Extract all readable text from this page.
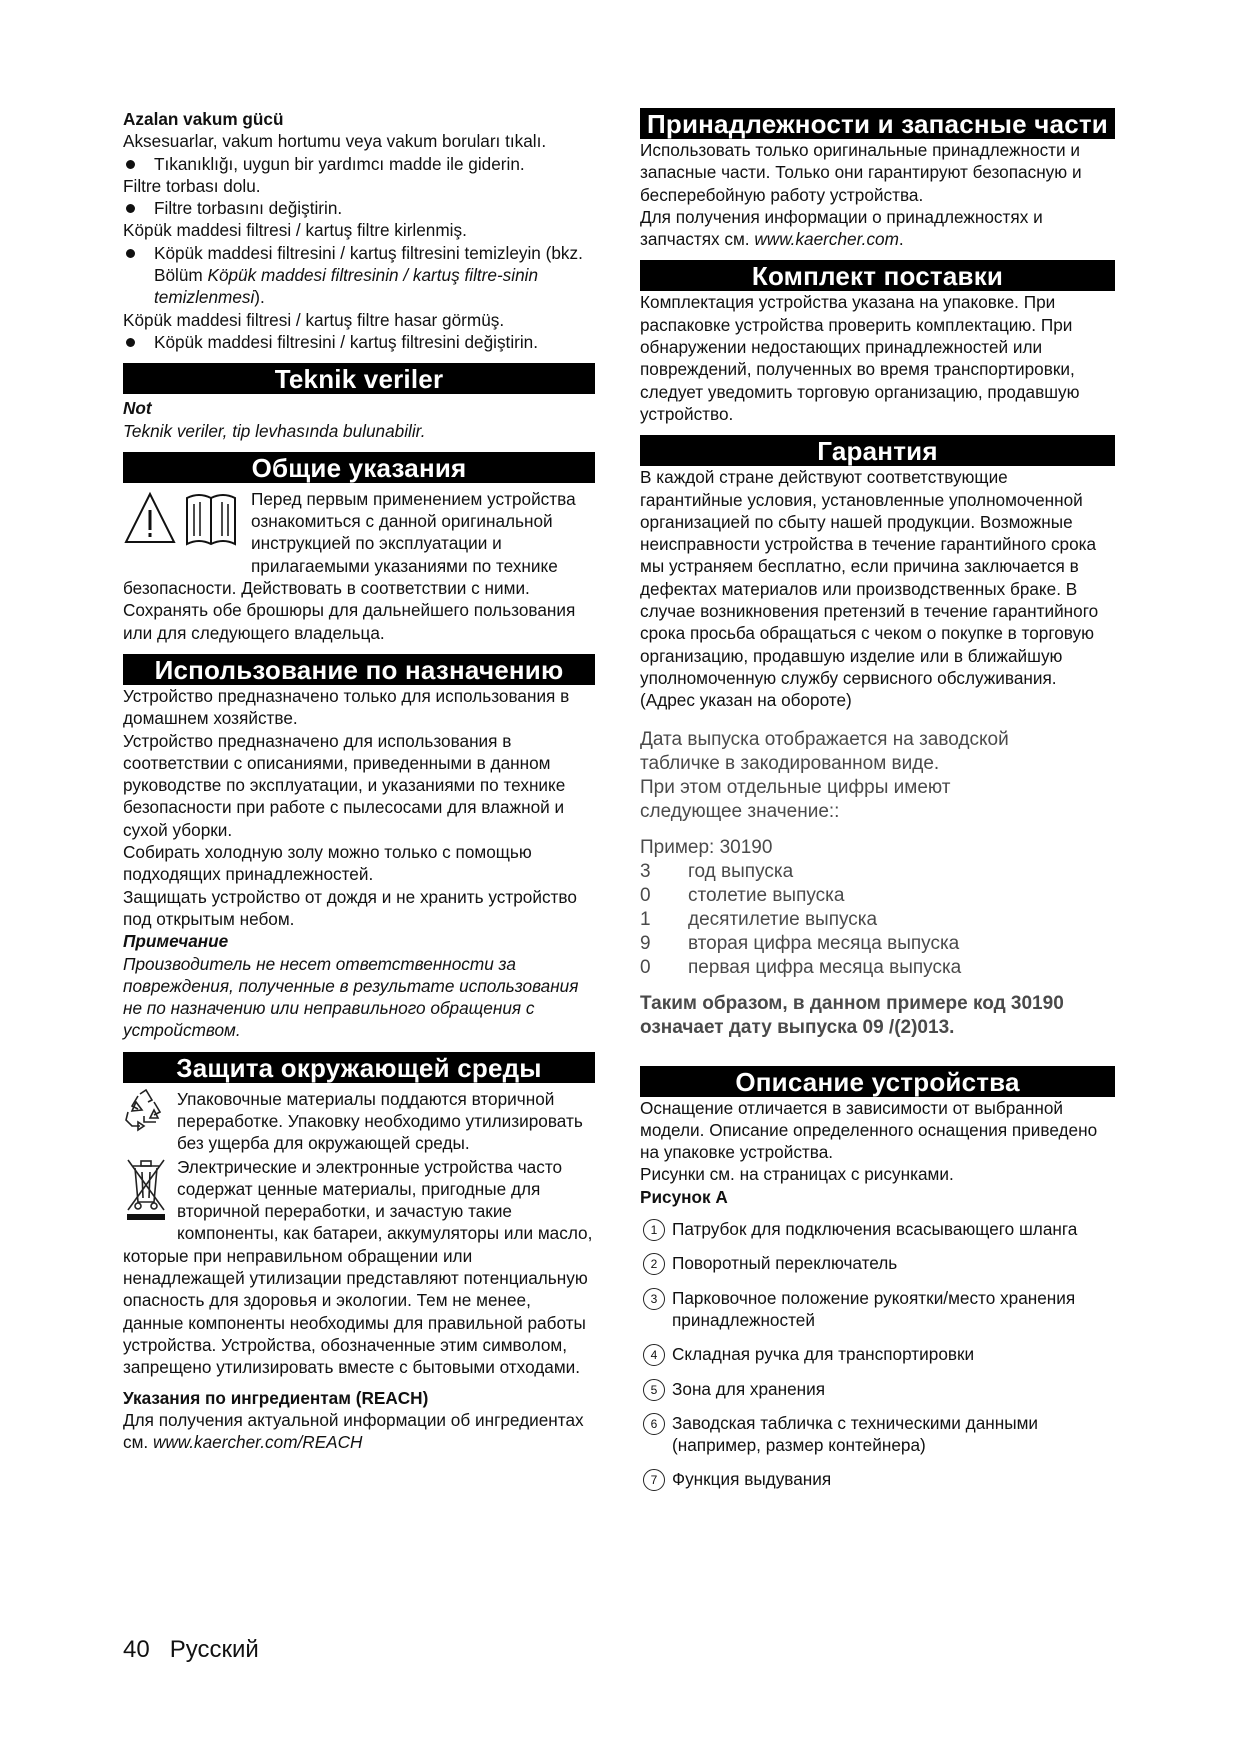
Azalan vakum gücü

Aksesuarlar, vakum hortumu veya vakum boruları tıkalı.

Tıkanıklığı, uygun bir yardımcı madde ile giderin.

Filtre torbası dolu.

Filtre torbasını değiştirin.

Köpük maddesi filtresi / kartuş filtre kirlenmiş.

Köpük maddesi filtresini / kartuş filtresini temizleyin (bkz. Bölüm Köpük maddesi filtresinin / kartuş filtre-sinin temizlenmesi).

Köpük maddesi filtresi / kartuş filtre hasar görmüş.

Köpük maddesi filtresini / kartuş filtresini değiştirin.

Teknik veriler

Not

Teknik veriler, tip levhasında bulunabilir.

Общие указания

Перед первым применением устройства ознакомиться с данной оригинальной инструкцией по эксплуатации и прилагаемыми указаниями по технике безопасности. Действовать в соответствии с ними.

Сохранять обе брошюры для дальнейшего пользования или для следующего владельца.

Использование по назначению

Устройство предназначено только для использования в домашнем хозяйстве.

Устройство предназначено для использования в соответствии с описаниями, приведенными в данном руководстве по эксплуатации, и указаниями по технике безопасности при работе с пылесосами для влажной и сухой уборки.

Собирать холодную золу можно только с помощью подходящих принадлежностей.

Защищать устройство от дождя и не хранить устройство под открытым небом.

Примечание

Производитель не несет ответственности за повреждения, полученные в результате использования не по назначению или неправильного обращения с устройством.

Защита окружающей среды

Упаковочные материалы поддаются вторичной переработке. Упаковку необходимо утилизировать без ущерба для окружающей среды.

Электрические и электронные устройства часто содержат ценные материалы, пригодные для вторичной переработки, и зачастую такие компоненты, как батареи, аккумуляторы или масло, которые при неправильном обращении или ненадлежащей утилизации представляют потенциальную опасность для здоровья и экологии. Тем не менее, данные компоненты необходимы для правильной работы устройства. Устройства, обозначенные этим символом, запрещено утилизировать вместе с бытовыми отходами.

Указания по ингредиентам (REACH)

Для получения актуальной информации об ингредиентах см. www.kaercher.com/REACH

Принадлежности и запасные части

Использовать только оригинальные принадлежности и запасные части. Только они гарантируют безопасную и бесперебойную работу устройства.

Для получения информации о принадлежностях и запчастях см. www.kaercher.com.

Комплект поставки

Комплектация устройства указана на упаковке. При распаковке устройства проверить комплектацию. При обнаружении недостающих принадлежностей или повреждений, полученных во время транспортировки, следует уведомить торговую организацию, продавшую устройство.

Гарантия

В каждой стране действуют соответствующие гарантийные условия, установленные уполномоченной организацией по сбыту нашей продукции. Возможные неисправности устройства в течение гарантийного срока мы устраняем бесплатно, если причина заключается в дефектах материалов или производственных браке. В случае возникновения претензий в течение гарантийного срока просьба обращаться с чеком о покупке в торговую организацию, продавшую изделие или в ближайшую уполномоченную службу сервисного обслуживания.

(Адрес указан на обороте)

Дата выпуска отображается на заводской

табличке в закодированном виде.

При этом отдельные цифры имеют

следующее значение::

Пример: 30190

3	год выпуска
0	столетие выпуска
1	десятилетие выпуска
9	вторая цифра месяца выпуска
0	первая цифра месяца выпуска

Таким образом, в данном примере код 30190

означает дату выпуска 09 /(2)013.

Описание устройства

Оснащение отличается в зависимости от выбранной модели. Описание определенного оснащения приведено на упаковке устройства.

Рисунки см. на страницах с рисунками.

Рисунок A

1 Патрубок для подключения всасывающего шланга
2 Поворотный переключатель
3 Парковочное положение рукоятки/место хранения принадлежностей
4 Складная ручка для транспортировки
5 Зона для хранения
6 Заводская табличка с техническими данными (например, размер контейнера)
7 Функция выдувания
40 Русский
